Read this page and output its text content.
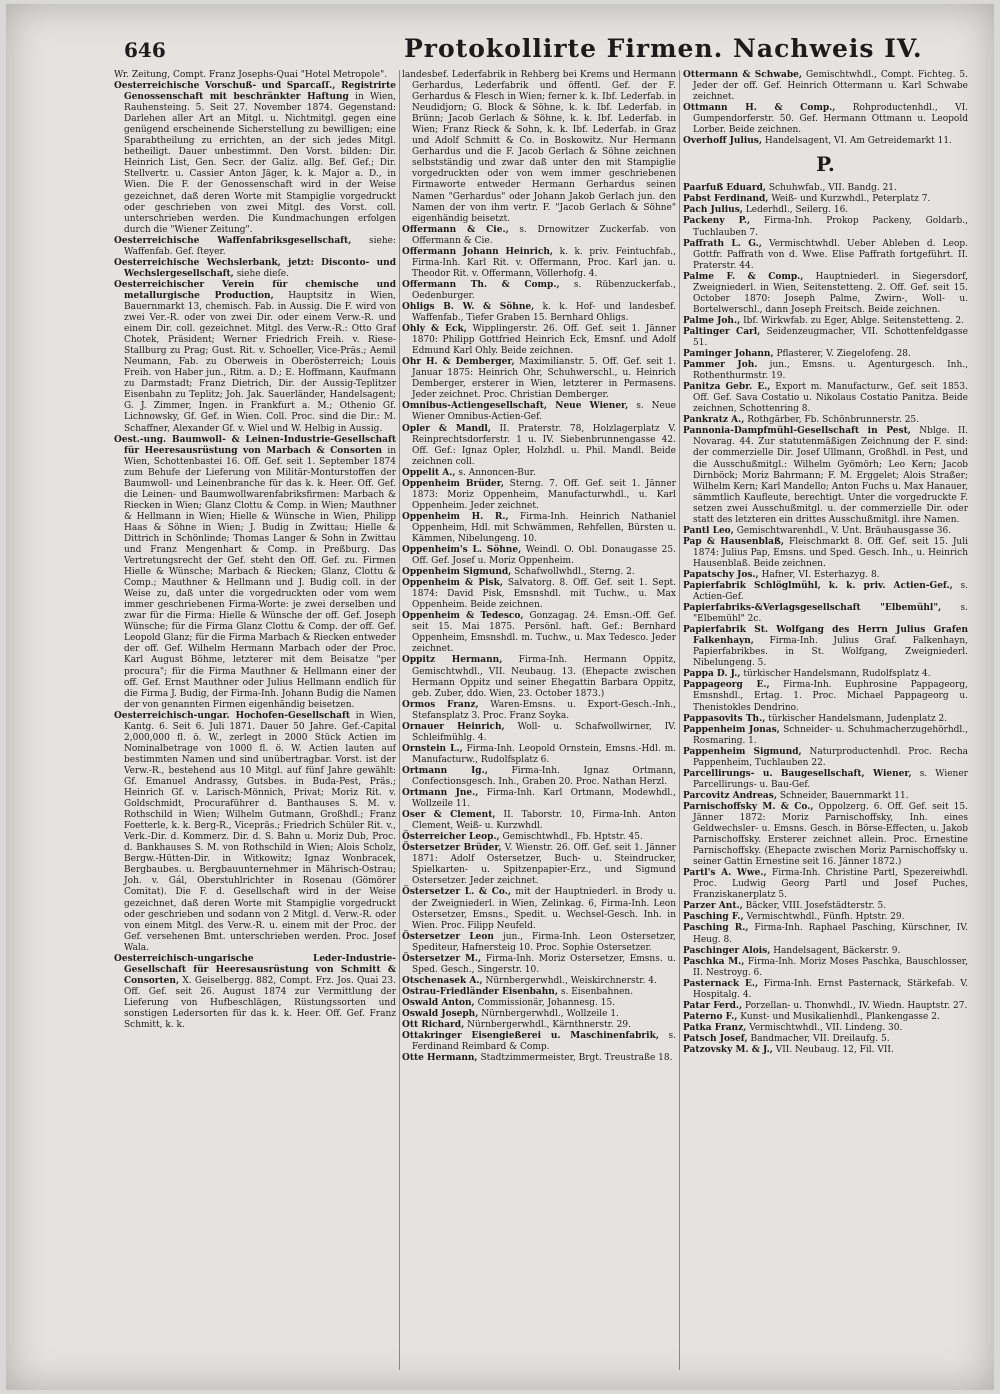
646	Protokollirte Firmen. Nachweis IV.

Wr. Zeitung, Compt. Franz Josephs-Quai "Hotel Metropole".

Oesterreichische Vorschuß- und Sparcaſſ., Registrirte Genossenschaft mit beschränkter Haftung in Wien, Rauhensteing. 5. Seit 27. November 1874. Gegenstand: Darlehen aller Art an Mitgl. u. Nichtmitgl. gegen eine genügend erscheinende Sicherstellung zu bewilligen; eine Sparabtheilung zu errichten, an der sich jedes Mitgl. betheiligt. Dauer unbestimmt. Den Vorst. bilden: Dir. Heinrich List, Gen. Secr. der Galiz. allg. Bef. Gef.; Dir. Stellvertr. u. Cassier Anton Jäger, k. k. Major a. D., in Wien. Die F. der Genossenschaft wird in der Weise gezeichnet, daß deren Worte mit Stampiglie vorgedruckt oder geschrieben von zwei Mitgl. des Vorst. coll. unterschrieben werden. Die Kundmachungen erfolgen durch die "Wiener Zeitung".

Oesterreichische Waffenfabriksgesellschaft, siehe: Waffenfab. Gef. ſteyer.

Oesterreichische Wechslerbank, jetzt: Disconto- und Wechslergesellschaft, siehe dieſe.

Oesterreichischer Verein für chemische und metallurgische Production, Hauptsitz in Wien, Bauernmarkt 13, chemisch. Fab. in Aussig. Die F. wird von zwei Ver.-R. oder von zwei Dir. oder einem Verw.-R. und einem Dir. coll. gezeichnet. Mitgl. des Verw.-R.: Otto Graf Chotek, Präsident; Werner Friedrich Freih. v. Riese-Stallburg zu Prag; Gust. Rit. v. Schoeller, Vice-Präs.; Aemil Neumann, Fab. zu Oberweis in Oberösterreich; Louis Freih. von Haber jun., Ritm. a. D.; E. Hoffmann, Kaufmann zu Darmstadt; Franz Dietrich, Dir. der Aussig-Teplitzer Eisenbahn zu Teplitz; Joh. Jak. Sauerländer, Handelsagent; G. J. Zimmer, Ingen. in Frankfurt a. M.; Othenio Gf. Lichnowsky, Gf. Gef. in Wien. Coll. Proc. sind die Dir.: M. Schaffner, Alexander Gf. v. Wiel und W. Helbig in Aussig.

Oest.-ung. Baumwoll- & Leinen-Industrie-Gesellschaft für Heeresausrüstung von Marbach & Consorten in Wien, Schottenbastei 16. Off. Gef. seit 1. September 1874 zum Behufe der Lieferung von Militär-Monturstoffen der Baumwoll- und Leinenbranche für das k. k. Heer. Off. Gef. die Leinen- und Baumwollwarenfabriksfirmen: Marbach & Riecken in Wien; Glanz Clottu & Comp. in Wien; Mauthner & Hellmann in Wien; Hielle & Wünsche in Wien, Philipp Haas & Söhne in Wien; J. Budig in Zwittau; Hielle & Dittrich in Schönlinde; Thomas Langer & Sohn in Zwittau und Franz Mengenhart & Comp. in Preßburg. Das Vertretungsrecht der Gef. steht den Off. Gef. zu. Firmen Hielle & Wünsche; Marbach & Riecken; Glanz, Clottu & Comp.; Mauthner & Hellmann und J. Budig coll. in der Weise zu, daß unter die vorgedruckten oder vom wem immer geschriebenen Firma-Worte: je zwei derselben und zwar für die Firma: Hielle & Wünsche der off. Gef. Joseph Wünsche; für die Firma Glanz Clottu & Comp. der off. Gef. Leopold Glanz; für die Firma Marbach & Riecken entweder der off. Gef. Wilhelm Hermann Marbach oder der Proc. Karl August Böhme, letzterer mit dem Beisatze "per procura"; für die Firma Mauthner & Hellmann einer der off. Gef. Ernst Mauthner oder Julius Hellmann endlich für die Firma J. Budig, der Firma-Inh. Johann Budig die Namen der von genannten Firmen eigenhändig beisetzen.

Oesterreichisch-ungar. Hochofen-Gesellschaft in Wien, Kantg. 6. Seit 6. Juli 1871. Dauer 50 Jahre. Gef.-Capital 2,000,000 fl. ö. W., zerlegt in 2000 Stück Actien im Nominalbetrage von 1000 fl. ö. W. Actien lauten auf bestimmten Namen und sind unübertragbar. Vorst. ist der Verw.-R., bestehend aus 10 Mitgl. auf fünf Jahre gewählt: Gf. Emanuel Andrassy, Gutsbes. in Buda-Pest, Präs.; Heinrich Gf. v. Larisch-Mönnich, Privat; Moriz Rit. v. Goldschmidt, Procuraführer d. Banthauses S. M. v. Rothschild in Wien; Wilhelm Gutmann, Großhdl.; Franz Foetterle, k. k. Berg-R., Vicepräs.; Friedrich Schüler Rit. v., Verk.-Dir. d. Kommerz. Dir. d. S. Bahn u. Moriz Dub, Proc. d. Bankhauses S. M. von Rothschild in Wien; Alois Scholz, Bergw.-Hütten-Dir. in Witkowitz; Ignaz Wonbracek, Bergbaubes. u. Bergbauunternehmer in Mährisch-Ostrau; Joh. v. Gál, Oberstuhlrichter in Rosenau (Gömörer Comitat). Die F. d. Gesellschaft wird in der Weise gezeichnet, daß deren Worte mit Stampiglie vorgedruckt oder geschrieben und sodann von 2 Mitgl. d. Verw.-R. oder von einem Mitgl. des Verw.-R. u. einem mit der Proc. der Gef. versehenen Bmt. unterschrieben werden. Proc. Josef Wala.

Oesterreichisch-ungarische Leder-Industrie-Gesellschaft für Heeresausrüstung von Schmitt & Consorten, X. Geiselbergg. 882, Compt. Frz. Jos. Quai 23. Off. Gef. seit 26. August 1874 zur Vermittlung der Lieferung von Hufbeschlägen, Rüstungssorten und sonstigen Ledersorten für das k. k. Heer. Off. Gef. Franz Schmitt, k. k.

landesbef. Lederfabrik in Rehberg bei Krems und Hermann Gerhardus, Lederfabrik und öffentl. Gef. der F. Gerhardus & Flesch in Wien; ferner k. k. Ibf. Lederfab. in Neudidjorn; G. Block & Söhne, k. k. Ibf. Lederfab. in Brünn; Jacob Gerlach & Söhne, k. k. Ibf. Lederfab. in Wien; Franz Rieck & Sohn, k. k. Ibf. Lederfab. in Graz und Adolf Schmitt & Co. in Boskowitz. Nur Hermann Gerhardus und die F. Jacob Gerlach & Söhne zeichnen selbstständig und zwar daß unter den mit Stampiglie vorgedruckten oder von wem immer geschriebenen Firmaworte entweder Hermann Gerhardus seinen Namen "Gerhardus" oder Johann Jakob Gerlach jun. den Namen der von ihm vertr. F. "Jacob Gerlach & Söhne" eigenhändig beisetzt.

Offermann & Cie., s. Drnowitzer Zuckerfab. von Offermann & Cie.

Offermann Johann Heinrich, k. k. priv. Feintuchfab., Firma-Inh. Karl Rit. v. Offermann, Proc. Karl jan. u. Theodor Rit. v. Offermann, Völlerhofg. 4.

Offermann Th. & Comp., s. Rübenzuckerfab., Oedenburger.

Ohligs B. W. & Söhne, k. k. Hof- und landesbef. Waffenfab., Tiefer Graben 15. Bernhard Ohligs.

Ohly & Eck, Wipplingerstr. 26. Off. Gef. seit 1. Jänner 1870: Philipp Gottfried Heinrich Eck, Emsnf. und Adolf Edmund Karl Ohly. Beide zeichnen.

Ohr H. & Demberger, Maximilianstr. 5. Off. Gef. seit 1. Januar 1875: Heinrich Ohr, Schuhwerschl., u. Heinrich Demberger, ersterer in Wien, letzterer in Permasens. Jeder zeichnet. Proc. Christian Demberger.

Omnibus-Actiengesellschaft, Neue Wiener, s. Neue Wiener Omnibus-Actien-Gef.

Opler & Mandl, II. Praterstr. 78, Holzlagerplatz V. Reinprechtsdorferstr. 1 u. IV. Siebenbrunnengasse 42. Off. Gef.: Ignaz Opler, Holzhdl. u. Phil. Mandl. Beide zeichnen coll.

Oppelit A., s. Annoncen-Bur.

Oppenheim Brüder, Sterng. 7. Off. Gef. seit 1. Jänner 1873: Moriz Oppenheim, Manufacturwhdl., u. Karl Oppenheim. Jeder zeichnet.

Oppenheim H. R., Firma-Inh. Heinrich Nathaniel Oppenheim, Hdl. mit Schwämmen, Rehfellen, Bürsten u. Kämmen, Nibelungeng. 10.

Oppenheim's L. Söhne, Weindl. O. Obl. Donaugasse 25. Off. Gef. Josef u. Moriz Oppenheim.

Oppenheim Sigmund, Schafwollwhdl., Sterng. 2.

Oppenheim & Pisk, Salvatorg. 8. Off. Gef. seit 1. Sept. 1874: David Pisk, Emsnshdl. mit Tuchw., u. Max Oppenheim. Beide zeichnen.

Oppenheim & Tedesco, Gonzagag. 24. Emsn.-Off. Gef. seit 15. Mai 1875. Persönl. haft. Gef.: Bernhard Oppenheim, Emsnshdl. m. Tuchw., u. Max Tedesco. Jeder zeichnet.

Oppitz Hermann, Firma-Inh. Hermann Oppitz, Gemischtwhdl., VII. Neubaug. 13. (Ehepacte zwischen Hermann Oppitz und seiner Ehegattin Barbara Oppitz, geb. Zuber, ddo. Wien, 23. October 1873.)

Ormos Franz, Waren-Emsns. u. Export-Gesch.-Inh., Stefansplatz 3. Proc. Franz Soyka.

Ornauer Heinrich, Woll- u. Schafwollwirner, IV. Schleifmühlg. 4.

Ornstein L., Firma-Inh. Leopold Ornstein, Emsns.-Hdl. m. Manufacturw., Rudolfsplatz 6.

Ortmann Ig.,	Firma-Inh. Ignaz Ortmann, Confectionsgesch. Inh., Graben 20. Proc. Nathan Herzl.

Ortmann Jne., Firma-Inh. Karl Ortmann, Modewhdl., Wollzeile 11.

Oser & Clement, II. Taborstr. 10, Firma-Inh. Anton Clement, Weiß- u. Kurzwhdl.

Österreicher Leop., Gemischtwhdl., Fb. Hptstr. 45.

Östersetzer Brüder, V. Wienstr. 26. Off. Gef. seit 1. Jänner 1871: Adolf Ostersetzer, Buch- u. Steindrucker, Spielkarten- u. Spitzenpapier-Erz., und Sigmund Ostersetzer. Jeder zeichnet.

Östersetzer L. & Co., mit der Hauptniederl. in Brody u. der Zweigniederl. in Wien, Zelinkag. 6, Firma-Inh. Leon Ostersetzer, Emsns., Spedit. u. Wechsel-Gesch. Inh. in Wien. Proc. Filipp Neufeld.

Östersetzer Leon jun., Firma-Inh. Leon Ostersetzer, Spediteur, Hafnersteig 10. Proc. Sophie Ostersetzer.

Östersetzer M., Firma-Inh. Moriz Ostersetzer, Emsns. u. Sped. Gesch., Singerstr. 10.

Otschenasek A., Nürnbergerwhdl., Weiskirchnerstr. 4.

Ostrau-Friedländer Eisenbahn, s. Eisenbahnen.

Oswald Anton, Commissionär, Johannesg. 15.

Oswald Joseph, Nürnbergerwhdl., Wollzeile 1.

Ott Richard, Nürnbergerwhdl., Kärnthnerstr. 29.

Ottakringer Eisengießerei u. Maschinenfabrik, s. Ferdinand Reimbard & Comp.

Otte Hermann, Stadtzimmermeister, Brgt. Treustraße 18.

Ottermann & Schwabe, Gemischtwhdl., Compt. Fichteg. 5. Jeder der off. Gef. Heinrich Ottermann u. Karl Schwabe zeichnet.

Ottmann H. & Comp., Rohproductenhdl., VI. Gumpendorferstr. 50. Gef. Hermann Ottmann u. Leopold Lorber. Beide zeichnen.

Overhoff Julius, Handelsagent, VI. Am Getreidemarkt 11.

P.

Paarfuß Eduard, Schuhwfab., VII. Bandg. 21.

Pabst Ferdinand, Weiß- und Kurzwhdl., Peterplatz 7.

Pach Julius, Lederhdl., Seilerg. 16.

Packeny P., Firma-Inh. Prokop Packeny, Goldarb., Tuchlauben 7.

Paffrath L. G., Vermischtwhdl. Ueber Ableben d. Leop. Gottfr. Paffrath von d. Wwe. Elise Paffrath fortgeführt. II. Praterstr. 44.

Palme F. & Comp., Hauptniederl. in Siegersdorf, Zweigniederl. in Wien, Seitenstetteng. 2. Off. Gef. seit 15. October 1870: Joseph Palme, Zwirn-, Woll- u. Bortelwerschl., dann Joseph Freitsch. Beide zeichnen.

Palme Joh., Ibf. Wirkwfab. zu Eger, Ablge. Seitenstetteng. 2.

Paltinger Carl, Seidenzeugmacher, VII. Schottenfeldgasse 51.

Paminger Johann, Pflasterer, V. Ziegelofeng. 28.

Pammer Joh. jun., Emsns. u. Agenturgesch. Inh., Rothenthurmstr. 19.

Panitza Gebr. E., Export m. Manufacturw., Gef. seit 1853. Off. Gef. Sava Costatio u. Nikolaus Costatio Panitza. Beide zeichnen, Schottenring 8.

Pankratz A., Rothgärber, Fb. Schönbrunnerstr. 25.

Pannonia-Dampfmühl-Gesellschaft in Pest, Nblge. II. Novarag. 44. Zur statutenmäßigen Zeichnung der F. sind: der commerzielle Dir. Josef Ullmann, Großhdl. in Pest, und die Ausschußmitgl.: Wilhelm Gyömörh; Leo Kern; Jacob Dirnböck; Moriz Bahrmann; F. M. Erggelet; Alois Straßer; Wilhelm Kern; Karl Mandello; Anton Fuchs u. Max Hanauer, sämmtlich Kaufleute, berechtigt. Unter die vorgedruckte F. setzen zwei Ausschußmitgl. u. der commerzielle Dir. oder statt des letzteren ein drittes Ausschußmitgl. ihre Namen.

Pantl Leo, Gemischtwarenhdl., V. Unt. Bräuhausgasse 36.

Pap & Hausenblaß, Fleischmarkt 8. Off. Gef. seit 15. Juli 1874: Julius Pap, Emsns. und Sped. Gesch. Inh., u. Heinrich Hausenblaß. Beide zeichnen.

Papatschy Jos., Hafner, VI. Esterhazyg. 8.

Papierfabrik Schlöglmühl, k. k. priv. Actien-Gef., s. Actien-Gef.

Papierfabriks-&Verlagsgesellschaft "Elbemühl", s. "Elbemühl" 2c.

Papierfabrik St. Wolfgang des Herrn Julius Grafen Falkenhayn, Firma-Inh. Julius Graf. Falkenhayn, Papierfabrikbes. in St. Wolfgang, Zweigniederl. Nibelungeng. 5.

Pappa D. J., türkischer Handelsmann, Rudolfsplatz 4.

Pappageorg E., Firma-Inh. Euphrosine Pappageorg, Emsnshdl., Ertag. 1. Proc. Michael Pappageorg u. Thenistokles Dendrino.

Pappasovits Th., türkischer Handelsmann, Judenplatz 2.

Pappenheim Jonas, Schneider- u. Schuhmacherzugehörhdl., Rosmaring. 1.

Pappenheim Sigmund, Naturproductenhdl. Proc. Recha Pappenheim, Tuchlauben 22.

Parcellirungs- u. Baugesellschaft, Wiener, s. Wiener Parcellirungs- u. Bau-Gef.

Parcovitz Andreas, Schneider, Bauernmarkt 11.

Parnischoffsky M. & Co., Oppolzerg. 6. Off. Gef. seit 15. Jänner 1872: Moriz Parnischoffsky, Inh. eines Geldwechsler- u. Emsns. Gesch. in Börse-Effecten, u. Jakob Parnischoffsky. Ersterer zeichnet allein. Proc. Ernestine Parnischoffsky. (Ehepacte zwischen Moriz Parnischoffsky u. seiner Gattin Ernestine seit 16. Jänner 1872.)

Partl's A. Wwe., Firma-Inh. Christine Partl, Spezereiwhdl. Proc. Ludwig Georg Partl und Josef Puches, Franziskanerplatz 5.

Parzer Ant., Bäcker, VIII. Josefstädterstr. 5.

Pasching F., Vermischtwhdl., Fünfh. Hptstr. 29.

Pasching R., Firma-Inh. Raphael Pasching, Kürschner, IV. Heug. 8.

Paschinger Alois, Handelsagent, Bäckerstr. 9.

Paschka M., Firma-Inh. Moriz Moses Paschka, Bauschlosser, II. Nestroyg. 6.

Pasternack E., Firma-Inh. Ernst Pasternack, Stärkefab. V. Hospitalg. 4.

Patar Ferd., Porzellan- u. Thonwhdl., IV. Wiedn. Hauptstr. 27.

Paterno F., Kunst- und Musikalienhdl., Plankengasse 2.

Patka Franz, Vermischtwhdl., VII. Lindeng. 30.

Patsch Josef, Bandmacher, VII. Dreilaufg. 5.

Patzovsky M. & J., VII. Neubaug. 12, Fil. VII.
